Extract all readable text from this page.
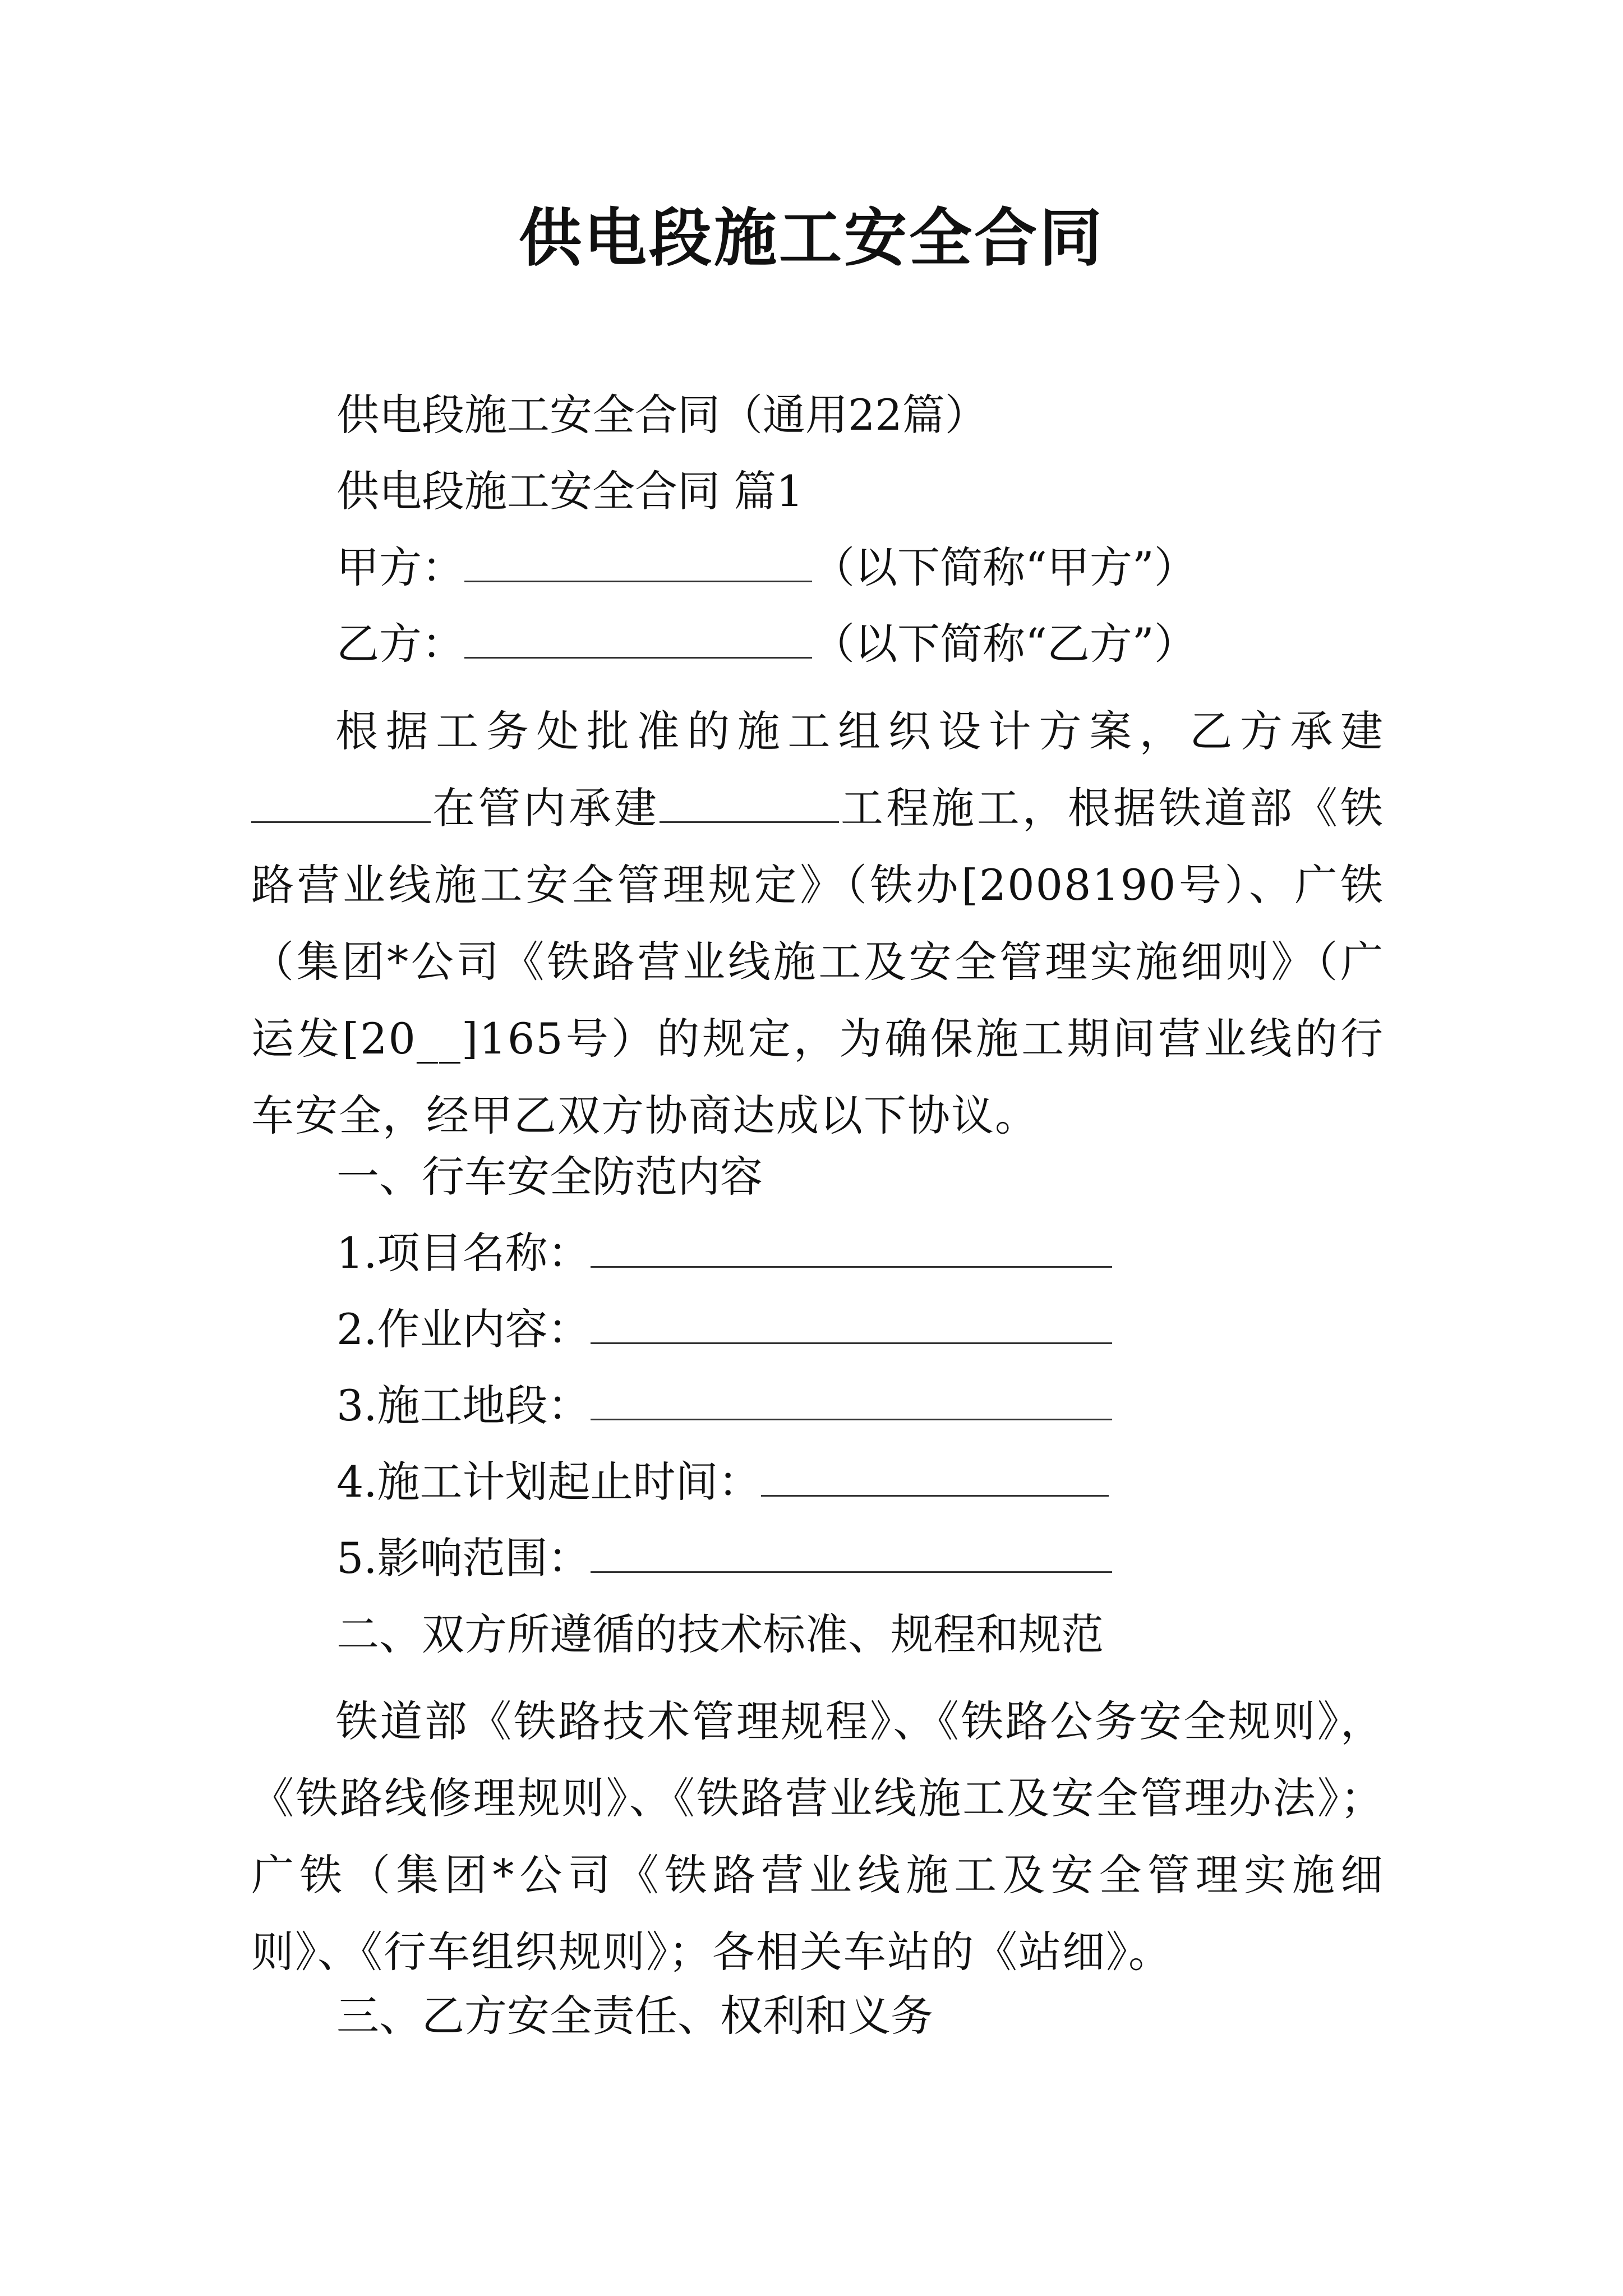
供电段施工安全合同
供电段施工安全合同（通用22篇）
供电段施工安全合同 篇1
甲方：	（以下简称“甲方”）
乙方：	（以下简称“乙方”）
根据工务处批准的施工组织设计方案，乙方承建在管内承建	工程施工，根据铁道部《铁路营业线施工安全管理规定》（铁办[2008190号）、广铁（集团*公司《铁路营业线施工及安全管理实施细则》（广运发[20__]165号）的规定，为确保施工期间营业线的行车安全，经甲乙双方协商达成以下协议。
一、行车安全防范内容
1.项目名称：
2.作业内容：
3.施工地段：
4.施工计划起止时间：
5.影响范围：
二、双方所遵循的技术标准、规程和规范
铁道部《铁路技术管理规程》、《铁路公务安全规则》，《铁路线修理规则》、《铁路营业线施工及安全管理办法》；广铁（集团*公司《铁路营业线施工及安全管理实施细则》、《行车组织规则》；各相关车站的《站细》。
三、乙方安全责任、权利和义务
